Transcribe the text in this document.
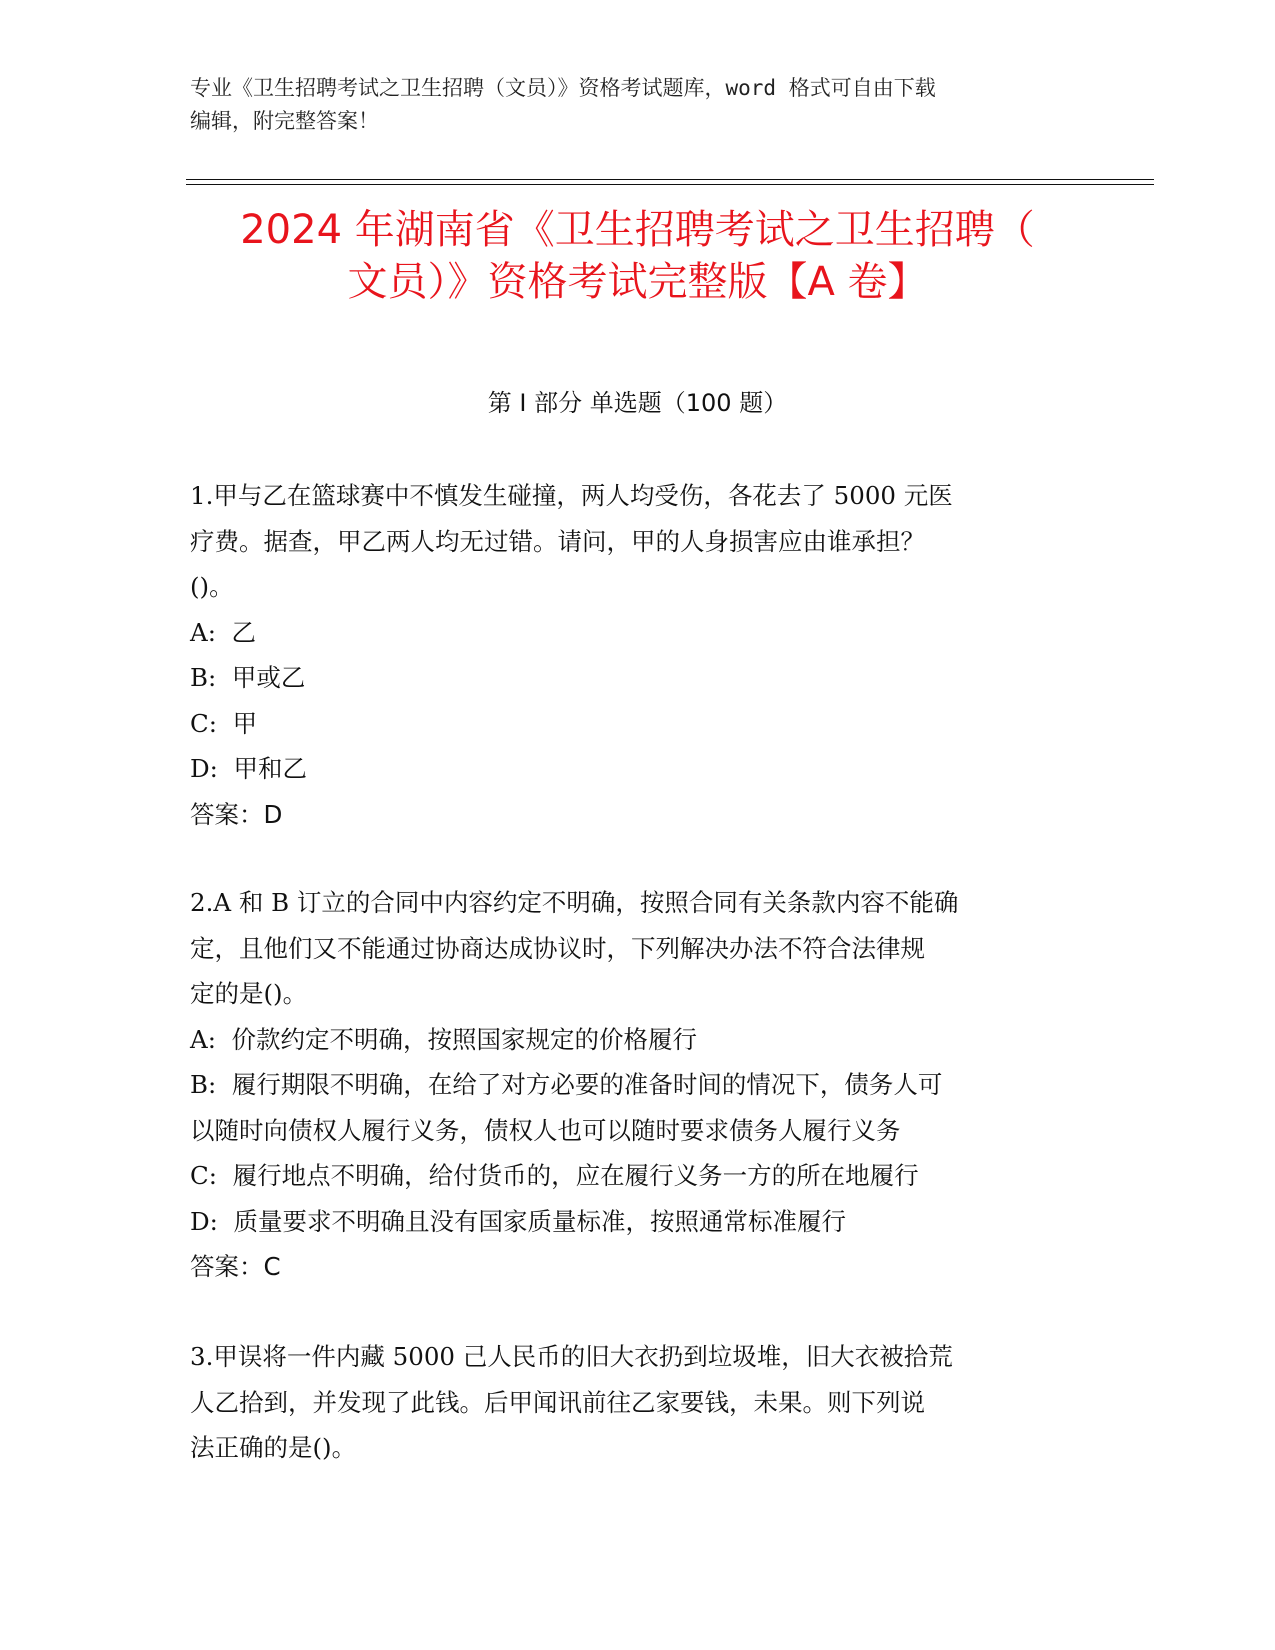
专业《卫生招聘考试之卫生招聘（文员）》资格考试题库，word 格式可自由下载
编辑，附完整答案！
2024 年湖南省《卫生招聘考试之卫生招聘（
文员）》资格考试完整版【A 卷】
第 I 部分 单选题（100 题）
1.甲与乙在篮球赛中不慎发生碰撞，两人均受伤，各花去了 5000 元医
疗费。据查，甲乙两人均无过错。请问，甲的人身损害应由谁承担？
()。
A:  乙
B:  甲或乙
C:  甲
D:  甲和乙
答案：D
2.A 和 B 订立的合同中内容约定不明确，按照合同有关条款内容不能确
定，且他们又不能通过协商达成协议时，下列解决办法不符合法律规
定的是()。
A:  价款约定不明确，按照国家规定的价格履行
B:  履行期限不明确，在给了对方必要的准备时间的情况下，债务人可
以随时向债权人履行义务，债权人也可以随时要求债务人履行义务
C:  履行地点不明确，给付货币的，应在履行义务一方的所在地履行
D:  质量要求不明确且没有国家质量标准，按照通常标准履行
答案：C
3.甲误将一件内藏 5000 己人民币的旧大衣扔到垃圾堆，旧大衣被拾荒
人乙拾到，并发现了此钱。后甲闻讯前往乙家要钱，未果。则下列说
法正确的是()。
